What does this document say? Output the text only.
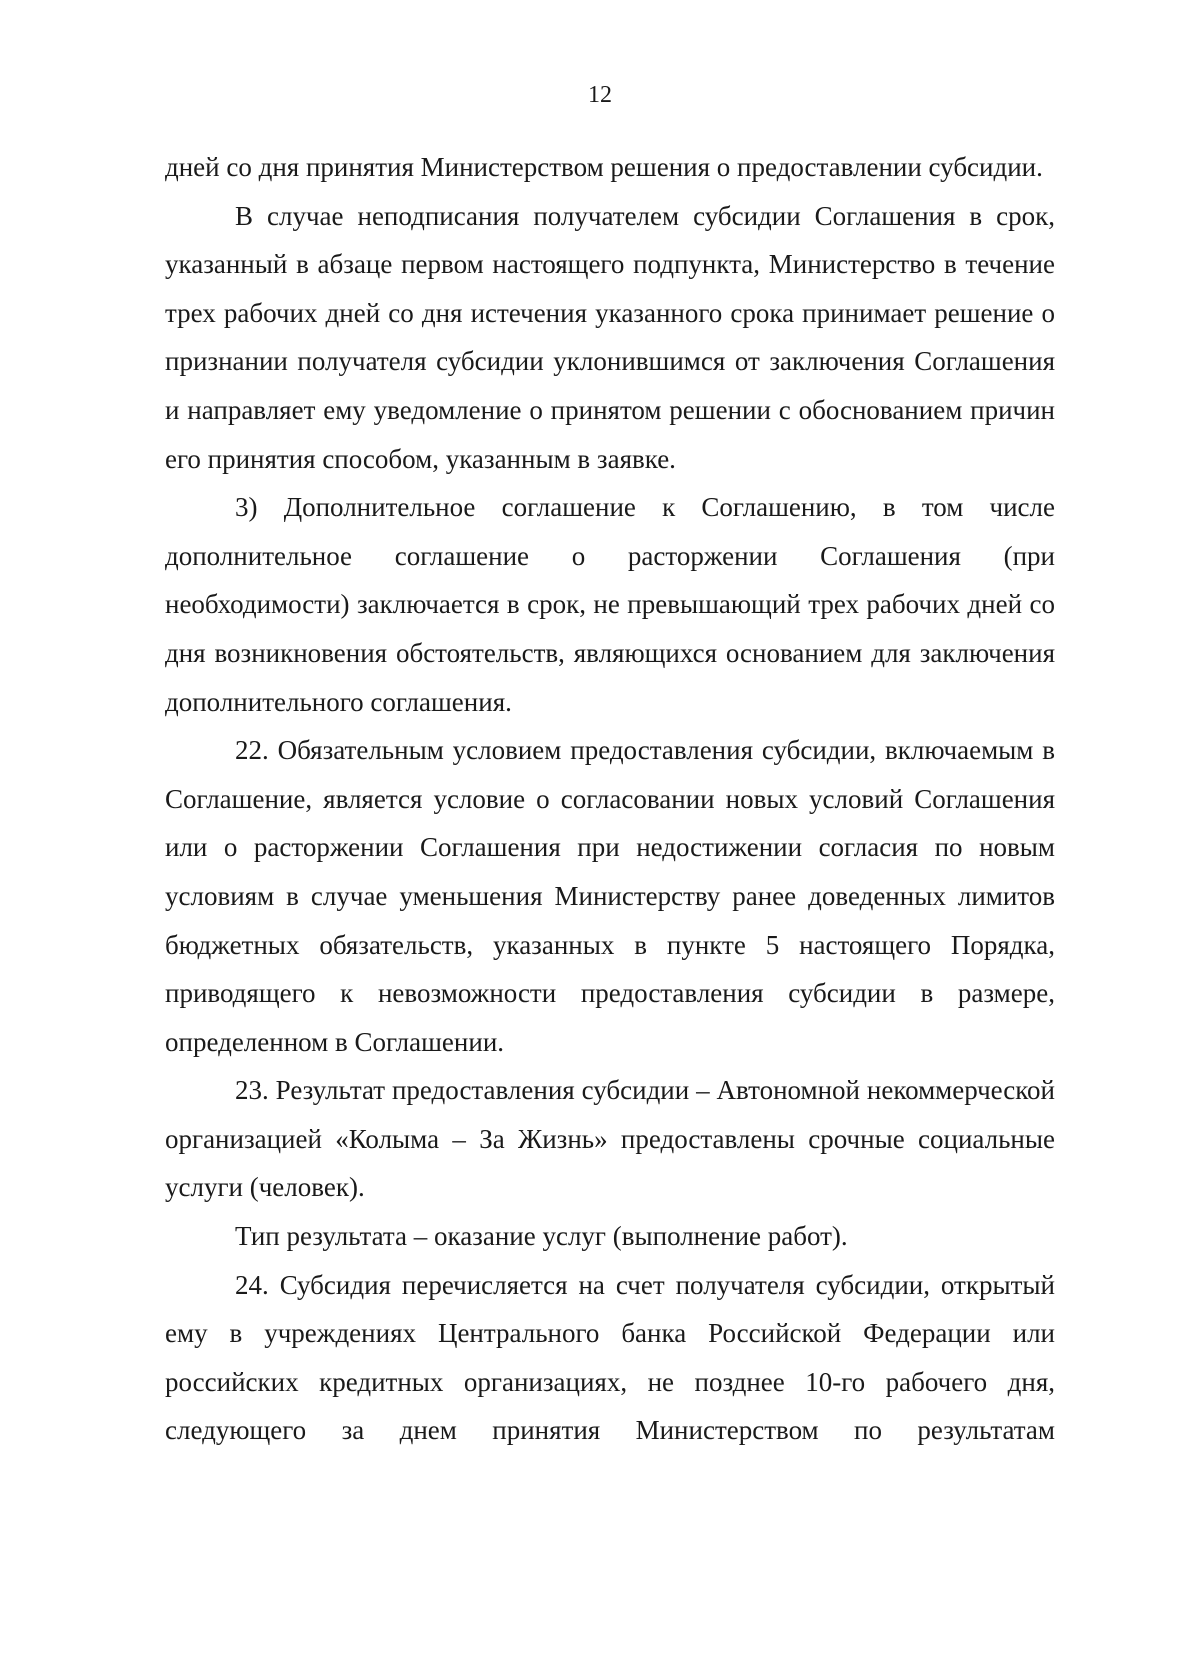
12

дней со дня принятия Министерством решения о предоставлении субсидии.

В случае неподписания получателем субсидии Соглашения в срок, указанный в абзаце первом настоящего подпункта, Министерство в течение трех рабочих дней со дня истечения указанного срока принимает решение о признании получателя субсидии уклонившимся от заключения Соглашения и направляет ему уведомление о принятом решении с обоснованием причин его принятия способом, указанным в заявке.

3) Дополнительное соглашение к Соглашению, в том числе дополнительное соглашение о расторжении Соглашения (при необходимости) заключается в срок, не превышающий трех рабочих дней со дня возникновения обстоятельств, являющихся основанием для заключения дополнительного соглашения.

22. Обязательным условием предоставления субсидии, включаемым в Соглашение, является условие о согласовании новых условий Соглашения или о расторжении Соглашения при недостижении согласия по новым условиям в случае уменьшения Министерству ранее доведенных лимитов бюджетных обязательств, указанных в пункте 5 настоящего Порядка, приводящего к невозможности предоставления субсидии в размере, определенном в Соглашении.

23. Результат предоставления субсидии – Автономной некоммерческой организацией «Колыма – За Жизнь» предоставлены срочные социальные услуги (человек).

Тип результата – оказание услуг (выполнение работ).

24. Субсидия перечисляется на счет получателя субсидии, открытый ему в учреждениях Центрального банка Российской Федерации или российских кредитных организациях, не позднее 10-го рабочего дня, следующего за днем принятия Министерством по результатам
